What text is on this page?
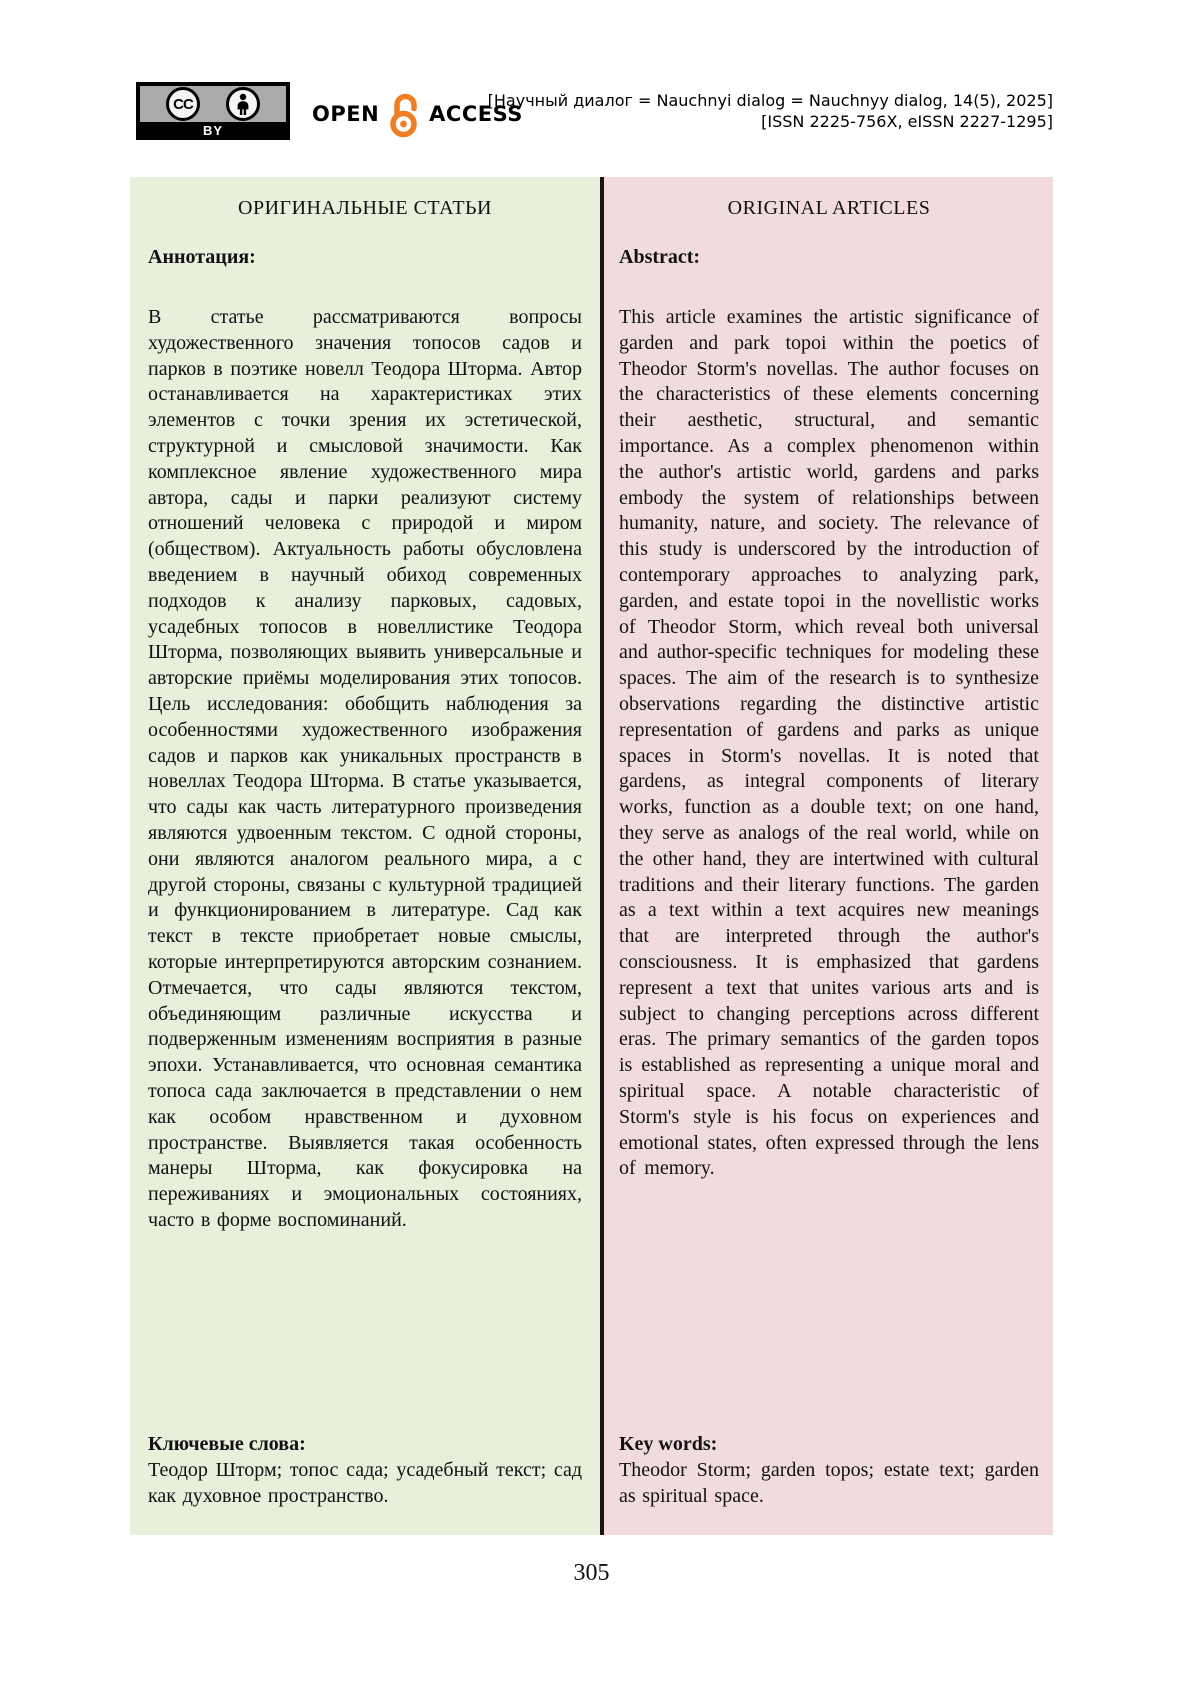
CC
BY
OPEN ACCESS
[Научный диалог = Nauchnyi dialog = Nauchnyy dialog, 14(5), 2025]
[ISSN 2225-756X, eISSN 2227-1295]
ОРИГИНАЛЬНЫЕ СТАТЬИ
Аннотация:
В статье рассматриваются вопросы художественного значения топосов садов и парков в поэтике новелл Теодора Шторма. Автор останавливается на характеристиках этих элементов с точки зрения их эстетической, структурной и смысловой значимости. Как комплексное явление художественного мира автора, сады и парки реализуют систему отношений человека с природой и миром (обществом). Актуальность работы обусловлена введением в научный обиход современных подходов к анализу парковых, садовых, усадебных топосов в новеллистике Теодора Шторма, позволяющих выявить универсальные и авторские приёмы моделирования этих топосов. Цель исследования: обобщить наблюдения за особенностями художественного изображения садов и парков как уникальных пространств в новеллах Теодора Шторма. В статье указывается, что сады как часть литературного произведения являются удвоенным текстом. С одной стороны, они являются аналогом реального мира, а с другой стороны, связаны с культурной традицией и функционированием в литературе. Сад как текст в тексте приобретает новые смыслы, которые интерпретируются авторским сознанием. Отмечается, что сады являются текстом, объединяющим различные искусства и подверженным изменениям восприятия в разные эпохи. Устанавливается, что основная семантика топоса сада заключается в представлении о нем как особом нравственном и духовном пространстве. Выявляется такая особенность манеры Шторма, как фокусировка на переживаниях и эмоциональных состояниях, часто в форме воспоминаний.
Ключевые слова:
Теодор Шторм; топос сада; усадебный текст; сад как духовное пространство.
ORIGINAL ARTICLES
Abstract:
This article examines the artistic significance of garden and park topoi within the poetics of Theodor Storm's novellas. The author focuses on the characteristics of these elements concerning their aesthetic, structural, and semantic importance. As a complex phenomenon within the author's artistic world, gardens and parks embody the system of relationships between humanity, nature, and society. The relevance of this study is underscored by the introduction of contemporary approaches to analyzing park, garden, and estate topoi in the novellistic works of Theodor Storm, which reveal both universal and author-specific techniques for modeling these spaces. The aim of the research is to synthesize observations regarding the distinctive artistic representation of gardens and parks as unique spaces in Storm's novellas. It is noted that gardens, as integral components of literary works, function as a double text; on one hand, they serve as analogs of the real world, while on the other hand, they are intertwined with cultural traditions and their literary functions. The garden as a text within a text acquires new meanings that are interpreted through the author's consciousness. It is emphasized that gardens represent a text that unites various arts and is subject to changing perceptions across different eras. The primary semantics of the garden topos is established as representing a unique moral and spiritual space. A notable characteristic of Storm's style is his focus on experiences and emotional states, often expressed through the lens of memory.
Key words:
Theodor Storm; garden topos; estate text; garden as spiritual space.
305
